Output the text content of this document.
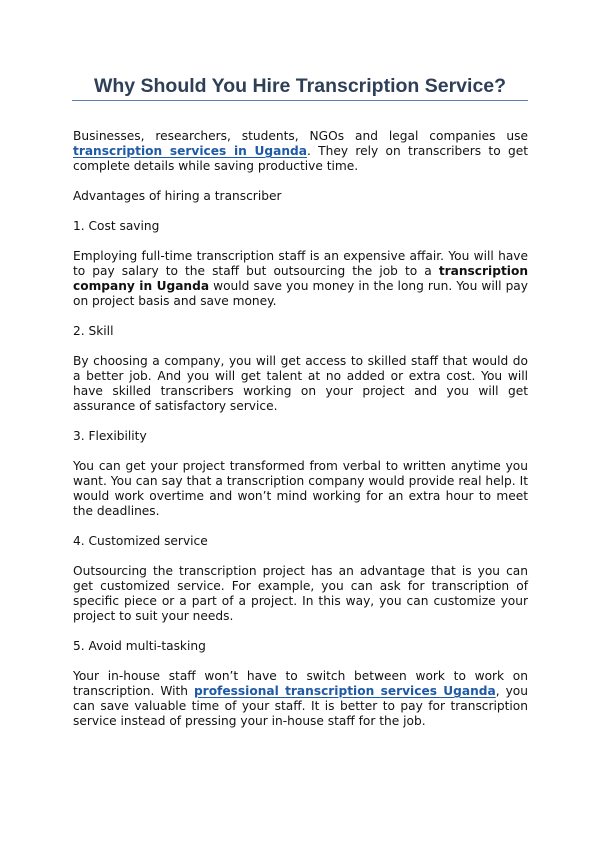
Why Should You Hire Transcription Service?

Businesses, researchers, students, NGOs and legal companies use transcription services in Uganda. They rely on transcribers to get complete details while saving productive time.

Advantages of hiring a transcriber

1. Cost saving

Employing full-time transcription staff is an expensive affair. You will have to pay salary to the staff but outsourcing the job to a transcription company in Uganda would save you money in the long run. You will pay on project basis and save money.

2. Skill

By choosing a company, you will get access to skilled staff that would do a better job. And you will get talent at no added or extra cost. You will have skilled transcribers working on your project and you will get assurance of satisfactory service.

3. Flexibility

You can get your project transformed from verbal to written anytime you want. You can say that a transcription company would provide real help. It would work overtime and won’t mind working for an extra hour to meet the deadlines.

4. Customized service

Outsourcing the transcription project has an advantage that is you can get customized service. For example, you can ask for transcription of specific piece or a part of a project. In this way, you can customize your project to suit your needs.

5. Avoid multi-tasking

Your in-house staff won’t have to switch between work to work on transcription. With professional transcription services Uganda, you can save valuable time of your staff. It is better to pay for transcription service instead of pressing your in-house staff for the job.
